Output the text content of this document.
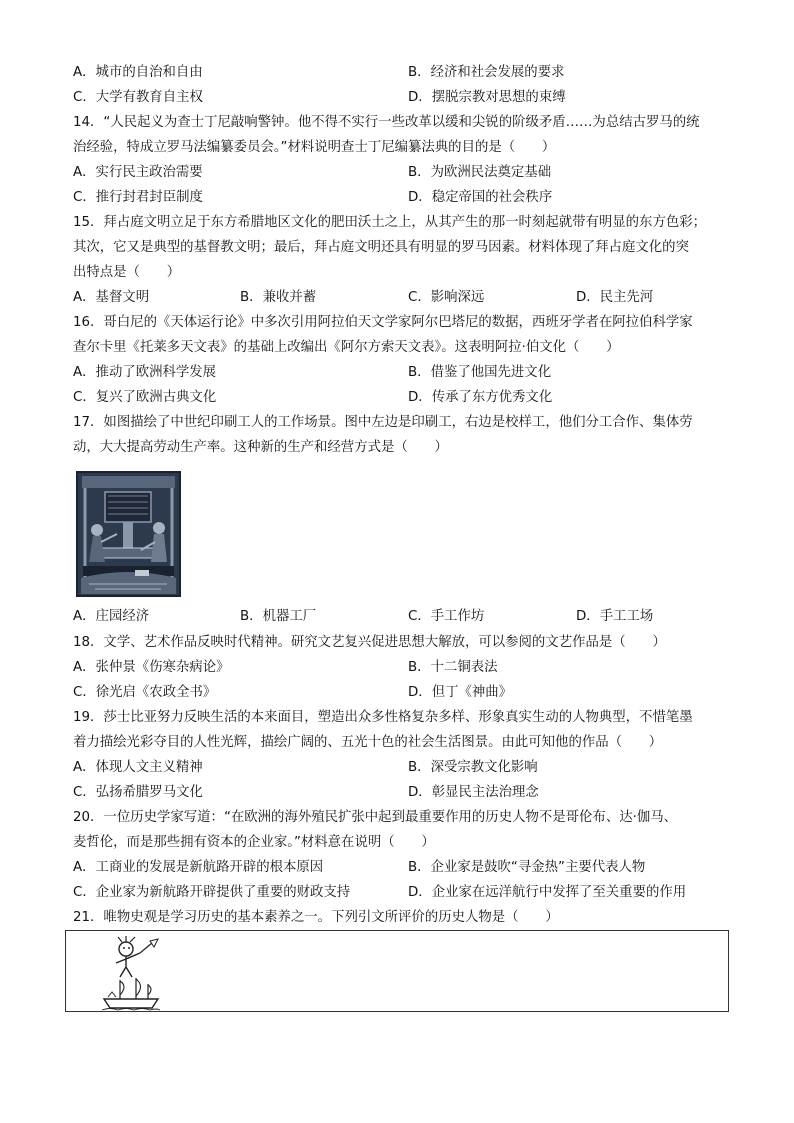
A．城市的自治和自由	B．经济和社会发展的要求
C．大学有教育自主权	D．摆脱宗教对思想的束缚
14．“人民起义为查士丁尼敲响警钟。他不得不实行一些改革以缓和尖锐的阶级矛盾……为总结古罗马的统
治经验，特成立罗马法编纂委员会。”材料说明查士丁尼编纂法典的目的是（　　）
A．实行民主政治需要	B．为欧洲民法奠定基础
C．推行封君封臣制度	D．稳定帝国的社会秩序
15．拜占庭文明立足于东方希腊地区文化的肥田沃土之上，从其产生的那一时刻起就带有明显的东方色彩；
其次，它又是典型的基督教文明；最后，拜占庭文明还具有明显的罗马因素。材料体现了拜占庭文化的突
出特点是（　　）
A．基督文明	B．兼收并蓄	C．影响深远	D．民主先河
16．哥白尼的《天体运行论》中多次引用阿拉伯天文学家阿尔巴塔尼的数据，西班牙学者在阿拉伯科学家
查尔卡里《托莱多天文表》的基础上改编出《阿尔方索天文表》。这表明阿拉·伯文化（　　）
A．推动了欧洲科学发展	B．借鉴了他国先进文化
C．复兴了欧洲古典文化	D．传承了东方优秀文化
17．如图描绘了中世纪印刷工人的工作场景。图中左边是印刷工，右边是校样工，他们分工合作、集体劳
动，大大提高劳动生产率。这种新的生产和经营方式是（　　）
A．庄园经济	B．机器工厂	C．手工作坊	D．手工工场
18．文学、艺术作品反映时代精神。研究文艺复兴促进思想大解放，可以参阅的文艺作品是（　　）
A．张仲景《伤寒杂病论》	B．十二铜表法
C．徐光启《农政全书》	D．但丁《神曲》
19．莎士比亚努力反映生活的本来面目，塑造出众多性格复杂多样、形象真实生动的人物典型，不惜笔墨
着力描绘光彩夺目的人性光辉，描绘广阔的、五光十色的社会生活图景。由此可知他的作品（　　）
A．体现人文主义精神	B．深受宗教文化影响
C．弘扬希腊罗马文化	D．彰显民主法治理念
20．一位历史学家写道：“在欧洲的海外殖民扩张中起到最重要作用的历史人物不是哥伦布、达·伽马、
麦哲伦，而是那些拥有资本的企业家。”材料意在说明（　　）
A．工商业的发展是新航路开辟的根本原因	B．企业家是鼓吹“寻金热”主要代表人物
C．企业家为新航路开辟提供了重要的财政支持	D．企业家在远洋航行中发挥了至关重要的作用
21．唯物史观是学习历史的基本素养之一。下列引文所评价的历史人物是（　　）
